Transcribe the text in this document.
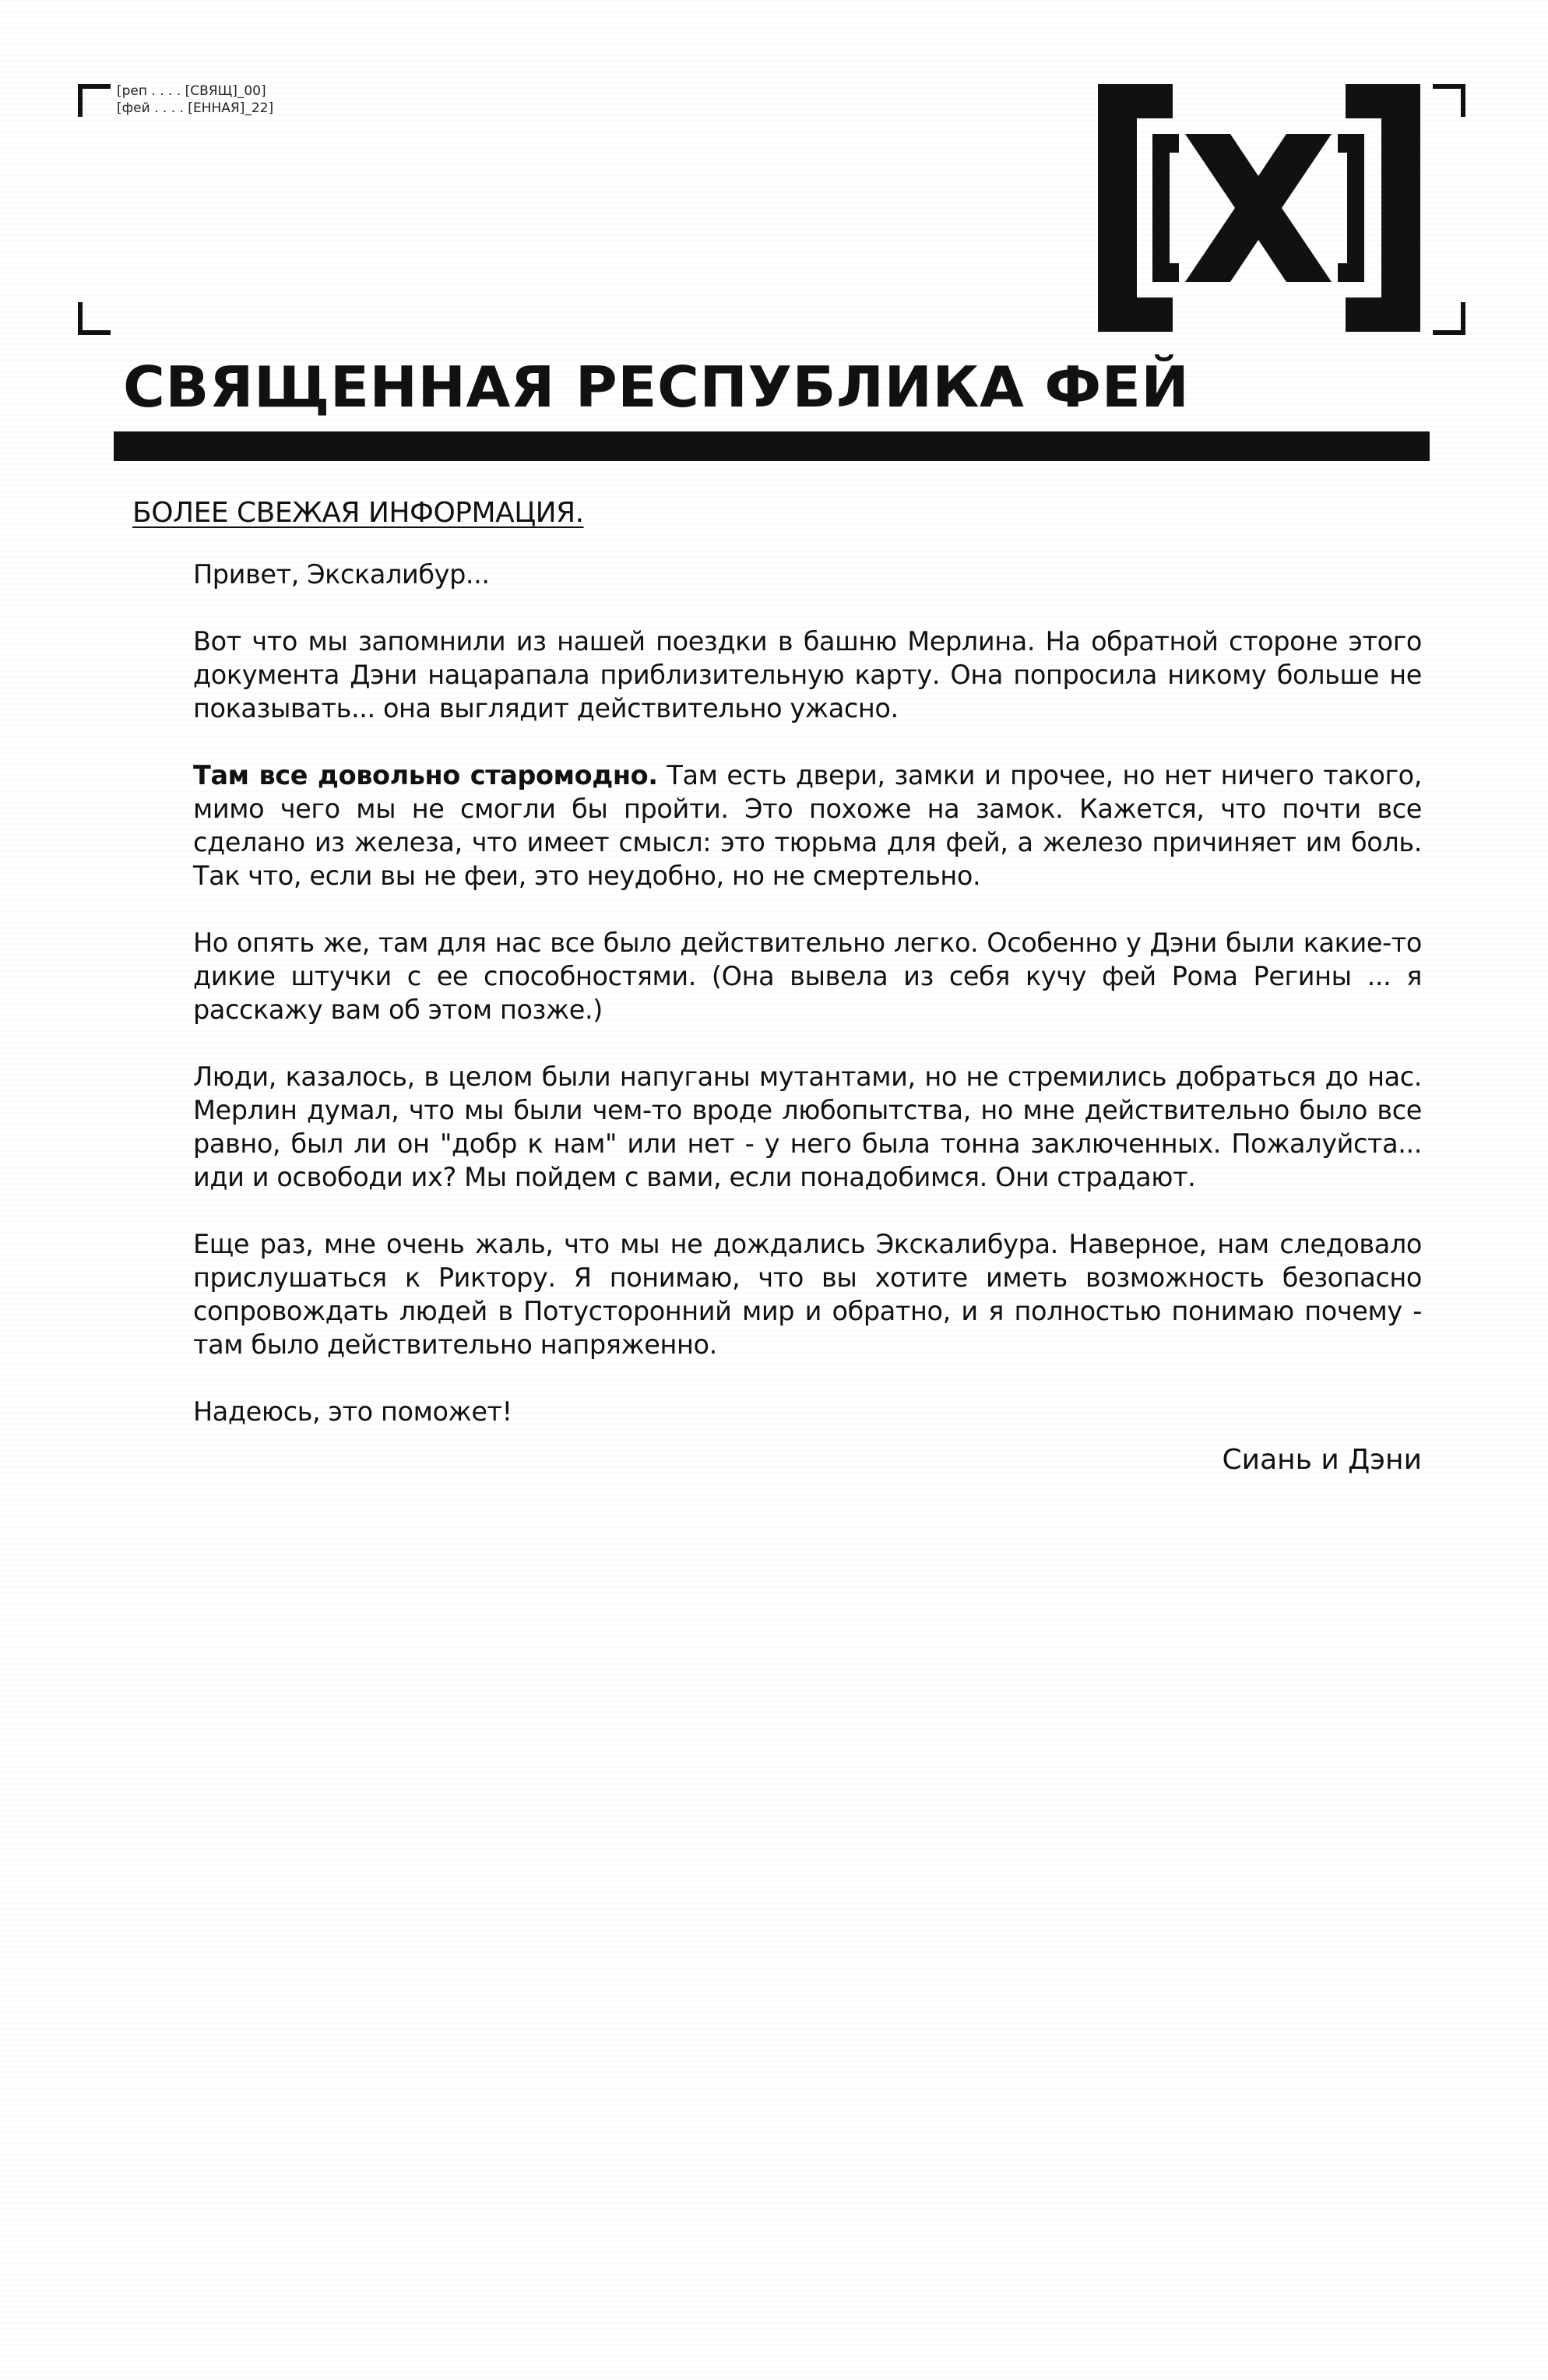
[реп . . . . [СВЯЩ]_00]
[фей . . . . [ЕННАЯ]_22]
СВЯЩЕННАЯ РЕСПУБЛИКА ФЕЙ
БОЛЕЕ СВЕЖАЯ ИНФОРМАЦИЯ.

Привет, Экскалибур...

Вот что мы запомнили из нашей поездки в башню Мерлина. На обратной стороне этого документа Дэни нацарапала приблизительную карту. Она попросила никому больше не показывать... она выглядит действительно ужасно.

Там все довольно старомодно. Там есть двери, замки и прочее, но нет ничего такого, мимо чего мы не смогли бы пройти. Это похоже на замок. Кажется, что почти все сделано из железа, что имеет смысл: это тюрьма для фей, а железо причиняет им боль. Так что, если вы не феи, это неудобно, но не смертельно.

Но опять же, там для нас все было действительно легко. Особенно у Дэни были какие-то дикие штучки с ее способностями. (Она вывела из себя кучу фей Рома Регины ... я расскажу вам об этом позже.)

Люди, казалось, в целом были напуганы мутантами, но не стремились добраться до нас. Мерлин думал, что мы были чем-то вроде любопытства, но мне действительно было все равно, был ли он "добр к нам" или нет - у него была тонна заключенных. Пожалуйста... иди и освободи их? Мы пойдем с вами, если понадобимся. Они страдают.

Еще раз, мне очень жаль, что мы не дождались Экскалибура. Наверное, нам следовало прислушаться к Риктору. Я понимаю, что вы хотите иметь возможность безопасно сопровождать людей в Потусторонний мир и обратно, и я полностью понимаю почему - там было действительно напряженно.

Надеюсь, это поможет!

Сиань и Дэни
